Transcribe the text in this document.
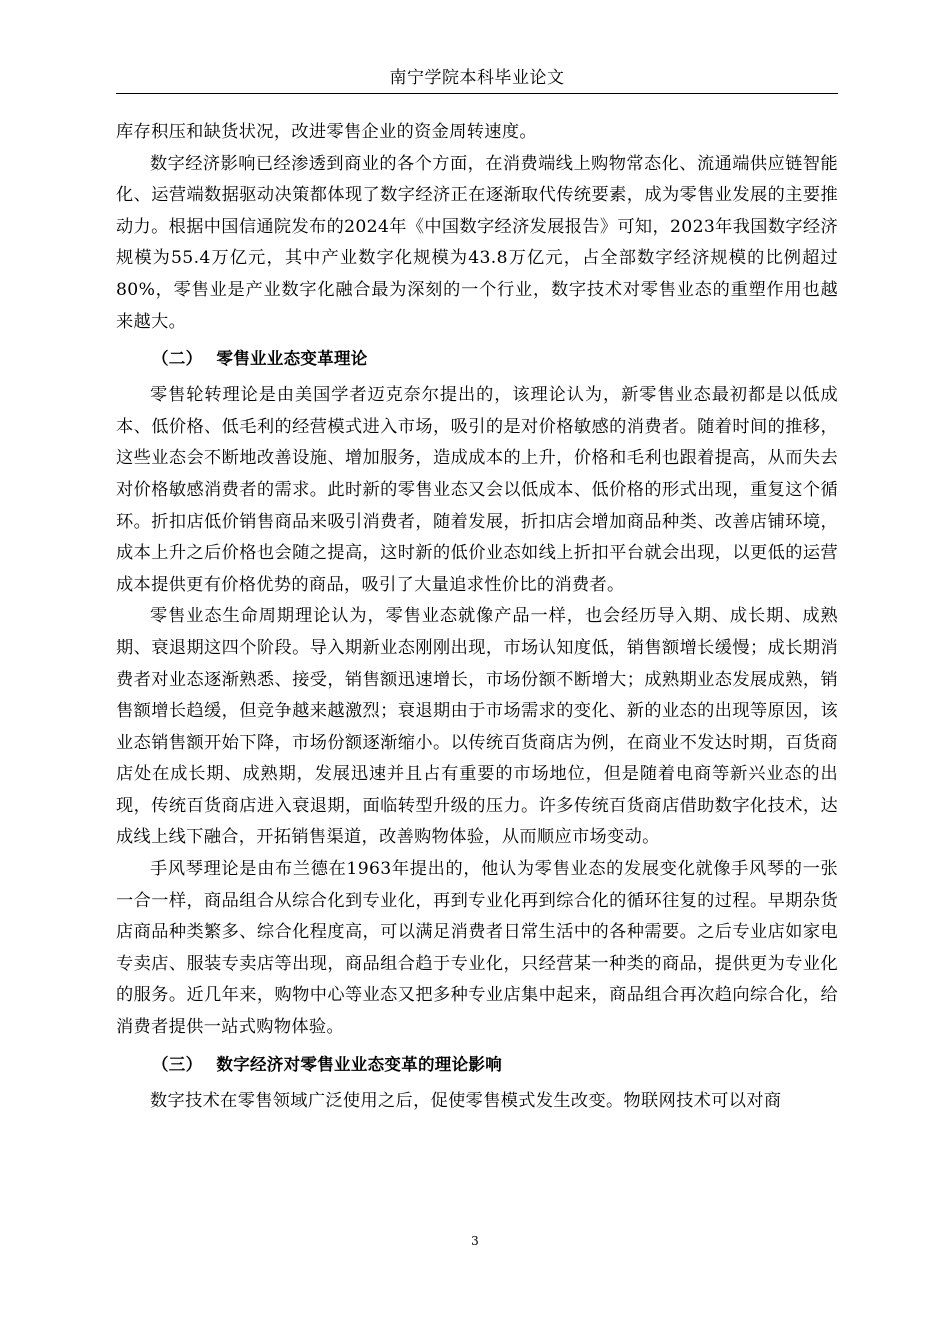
南宁学院本科毕业论文

库存积压和缺货状况，改进零售企业的资金周转速度。

数字经济影响已经渗透到商业的各个方面，在消费端线上购物常态化、流通端供应链智能化、运营端数据驱动决策都体现了数字经济正在逐渐取代传统要素，成为零售业发展的主要推动力。根据中国信通院发布的2024年《中国数字经济发展报告》可知，2023年我国数字经济规模为55.4万亿元，其中产业数字化规模为43.8万亿元，占全部数字经济规模的比例超过80%，零售业是产业数字化融合最为深刻的一个行业，数字技术对零售业态的重塑作用也越来越大。

（二） 零售业业态变革理论

零售轮转理论是由美国学者迈克奈尔提出的，该理论认为，新零售业态最初都是以低成本、低价格、低毛利的经营模式进入市场，吸引的是对价格敏感的消费者。随着时间的推移，这些业态会不断地改善设施、增加服务，造成成本的上升，价格和毛利也跟着提高，从而失去对价格敏感消费者的需求。此时新的零售业态又会以低成本、低价格的形式出现，重复这个循环。折扣店低价销售商品来吸引消费者，随着发展，折扣店会增加商品种类、改善店铺环境，成本上升之后价格也会随之提高，这时新的低价业态如线上折扣平台就会出现，以更低的运营成本提供更有价格优势的商品，吸引了大量追求性价比的消费者。

零售业态生命周期理论认为，零售业态就像产品一样，也会经历导入期、成长期、成熟期、衰退期这四个阶段。导入期新业态刚刚出现，市场认知度低，销售额增长缓慢；成长期消费者对业态逐渐熟悉、接受，销售额迅速增长，市场份额不断增大；成熟期业态发展成熟，销售额增长趋缓，但竞争越来越激烈；衰退期由于市场需求的变化、新的业态的出现等原因，该业态销售额开始下降，市场份额逐渐缩小。以传统百货商店为例，在商业不发达时期，百货商店处在成长期、成熟期，发展迅速并且占有重要的市场地位，但是随着电商等新兴业态的出现，传统百货商店进入衰退期，面临转型升级的压力。许多传统百货商店借助数字化技术，达成线上线下融合，开拓销售渠道，改善购物体验，从而顺应市场变动。

手风琴理论是由布兰德在1963年提出的，他认为零售业态的发展变化就像手风琴的一张一合一样，商品组合从综合化到专业化，再到专业化再到综合化的循环往复的过程。早期杂货店商品种类繁多、综合化程度高，可以满足消费者日常生活中的各种需要。之后专业店如家电专卖店、服装专卖店等出现，商品组合趋于专业化，只经营某一种类的商品，提供更为专业化的服务。近几年来，购物中心等业态又把多种专业店集中起来，商品组合再次趋向综合化，给消费者提供一站式购物体验。

（三） 数字经济对零售业业态变革的理论影响

数字技术在零售领域广泛使用之后，促使零售模式发生改变。物联网技术可以对商

3
